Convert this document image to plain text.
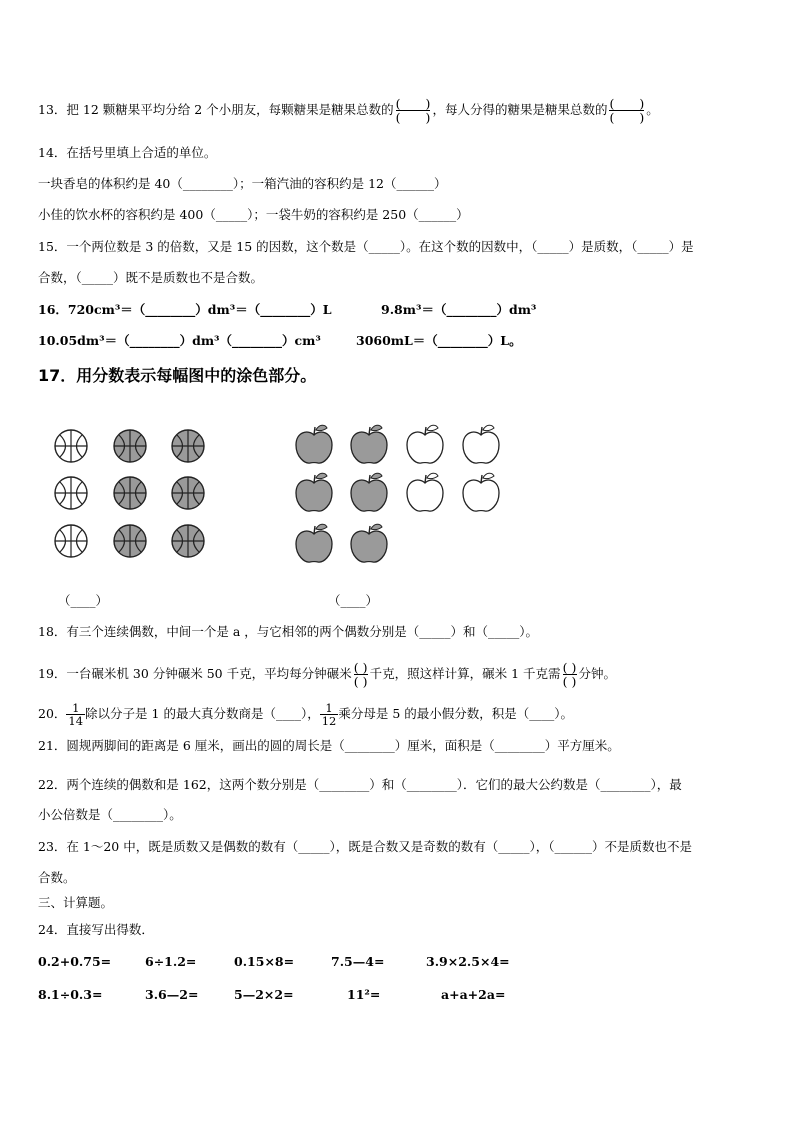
13．把 12 颗糖果平均分给 2 个小朋友，每颗糖果是糖果总数的 (　　)
(　　)
，每人分得的糖果是糖果总数的 (　　)
(　　)
。
14．在括号里填上合适的单位。
一块香皂的体积约是 40（________）；一箱汽油的容积约是 12（______）
小佳的饮水杯的容积约是 400（_____）；一袋牛奶的容积约是 250（______）
15．一个两位数是 3 的倍数，又是 15 的因数，这个数是（_____）。在这个数的因数中，（_____）是质数，（_____）是
合数，（_____）既不是质数也不是合数。
16．720cm³＝（________）dm³＝（________）L	9.8m³＝（________）dm³
10.05dm³＝（________）dm³（________）cm³	3060mL＝（________）L。
17．用分数表示每幅图中的涂色部分。
（____）	（____）
18．有三个连续偶数，中间一个是 a ，与它相邻的两个偶数分别是（_____）和（_____）。
19．一台碾米机 30 分钟碾米 50 千克，平均每分钟碾米 ( )
( )
千克，照这样计算，碾米 1 千克需 ( )
( )
分钟。
20． $\frac{1}{14}$ 除以分子是 1 的最大真分数商是（____）， $\frac{1}{12}$ 乘分母是 5 的最小假分数，积是（____）。
21．圆规两脚间的距离是 6 厘米，画出的圆的周长是（________）厘米，面积是（________）平方厘米。
22．两个连续的偶数和是 162，这两个数分别是（________）和（________）．它们的最大公约数是（________），最
小公倍数是（________）。
23．在 1～20 中，既是质数又是偶数的数有（_____），既是合数又是奇数的数有（_____），（______）不是质数也不是
合数。
三、计算题。
24．直接写出得数．
0.2+0.75=	6÷1.2=	0.15×8=	7.5—4=	3.9×2.5×4=
8.1÷0.3=	3.6—2=	5—2×2=	11²=	a+a+2a=
